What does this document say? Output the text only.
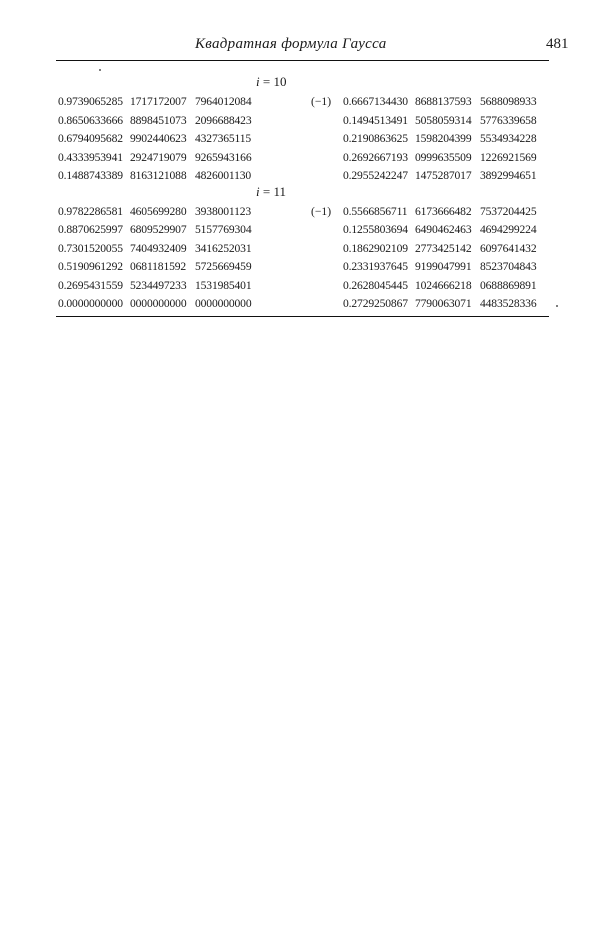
Квадратная формула Гаусса	481
i = 10
0.9739065285 1717172007 7964012084
0.8650633666 8898451073 2096688423
0.6794095682 9902440623 4327365115
0.4333953941 2924719079 9265943166
0.1488743389 8163121088 4826001130
0.6667134430 8688137593 5688098933
0.1494513491 5058059314 5776339658
0.2190863625 1598204399 5534934228
0.2692667193 0999635509 1226921569
0.2955242247 1475287017 3892994651
(−1)
i = 11
0.9782286581 4605699280 3938001123
0.8870625997 6809529907 5157769304
0.7301520055 7404932409 3416252031
0.5190961292 0681181592 5725669459
0.2695431559 5234497233 1531985401
0.0000000000 0000000000 0000000000
0.5566856711 6173666482 7537204425
0.1255803694 6490462463 4694299224
0.1862902109 2773425142 6097641432
0.2331937645 9199047991 8523704843
0.2628045445 1024666218 0688869891
0.2729250867 7790063071 4483528336
(−1)
